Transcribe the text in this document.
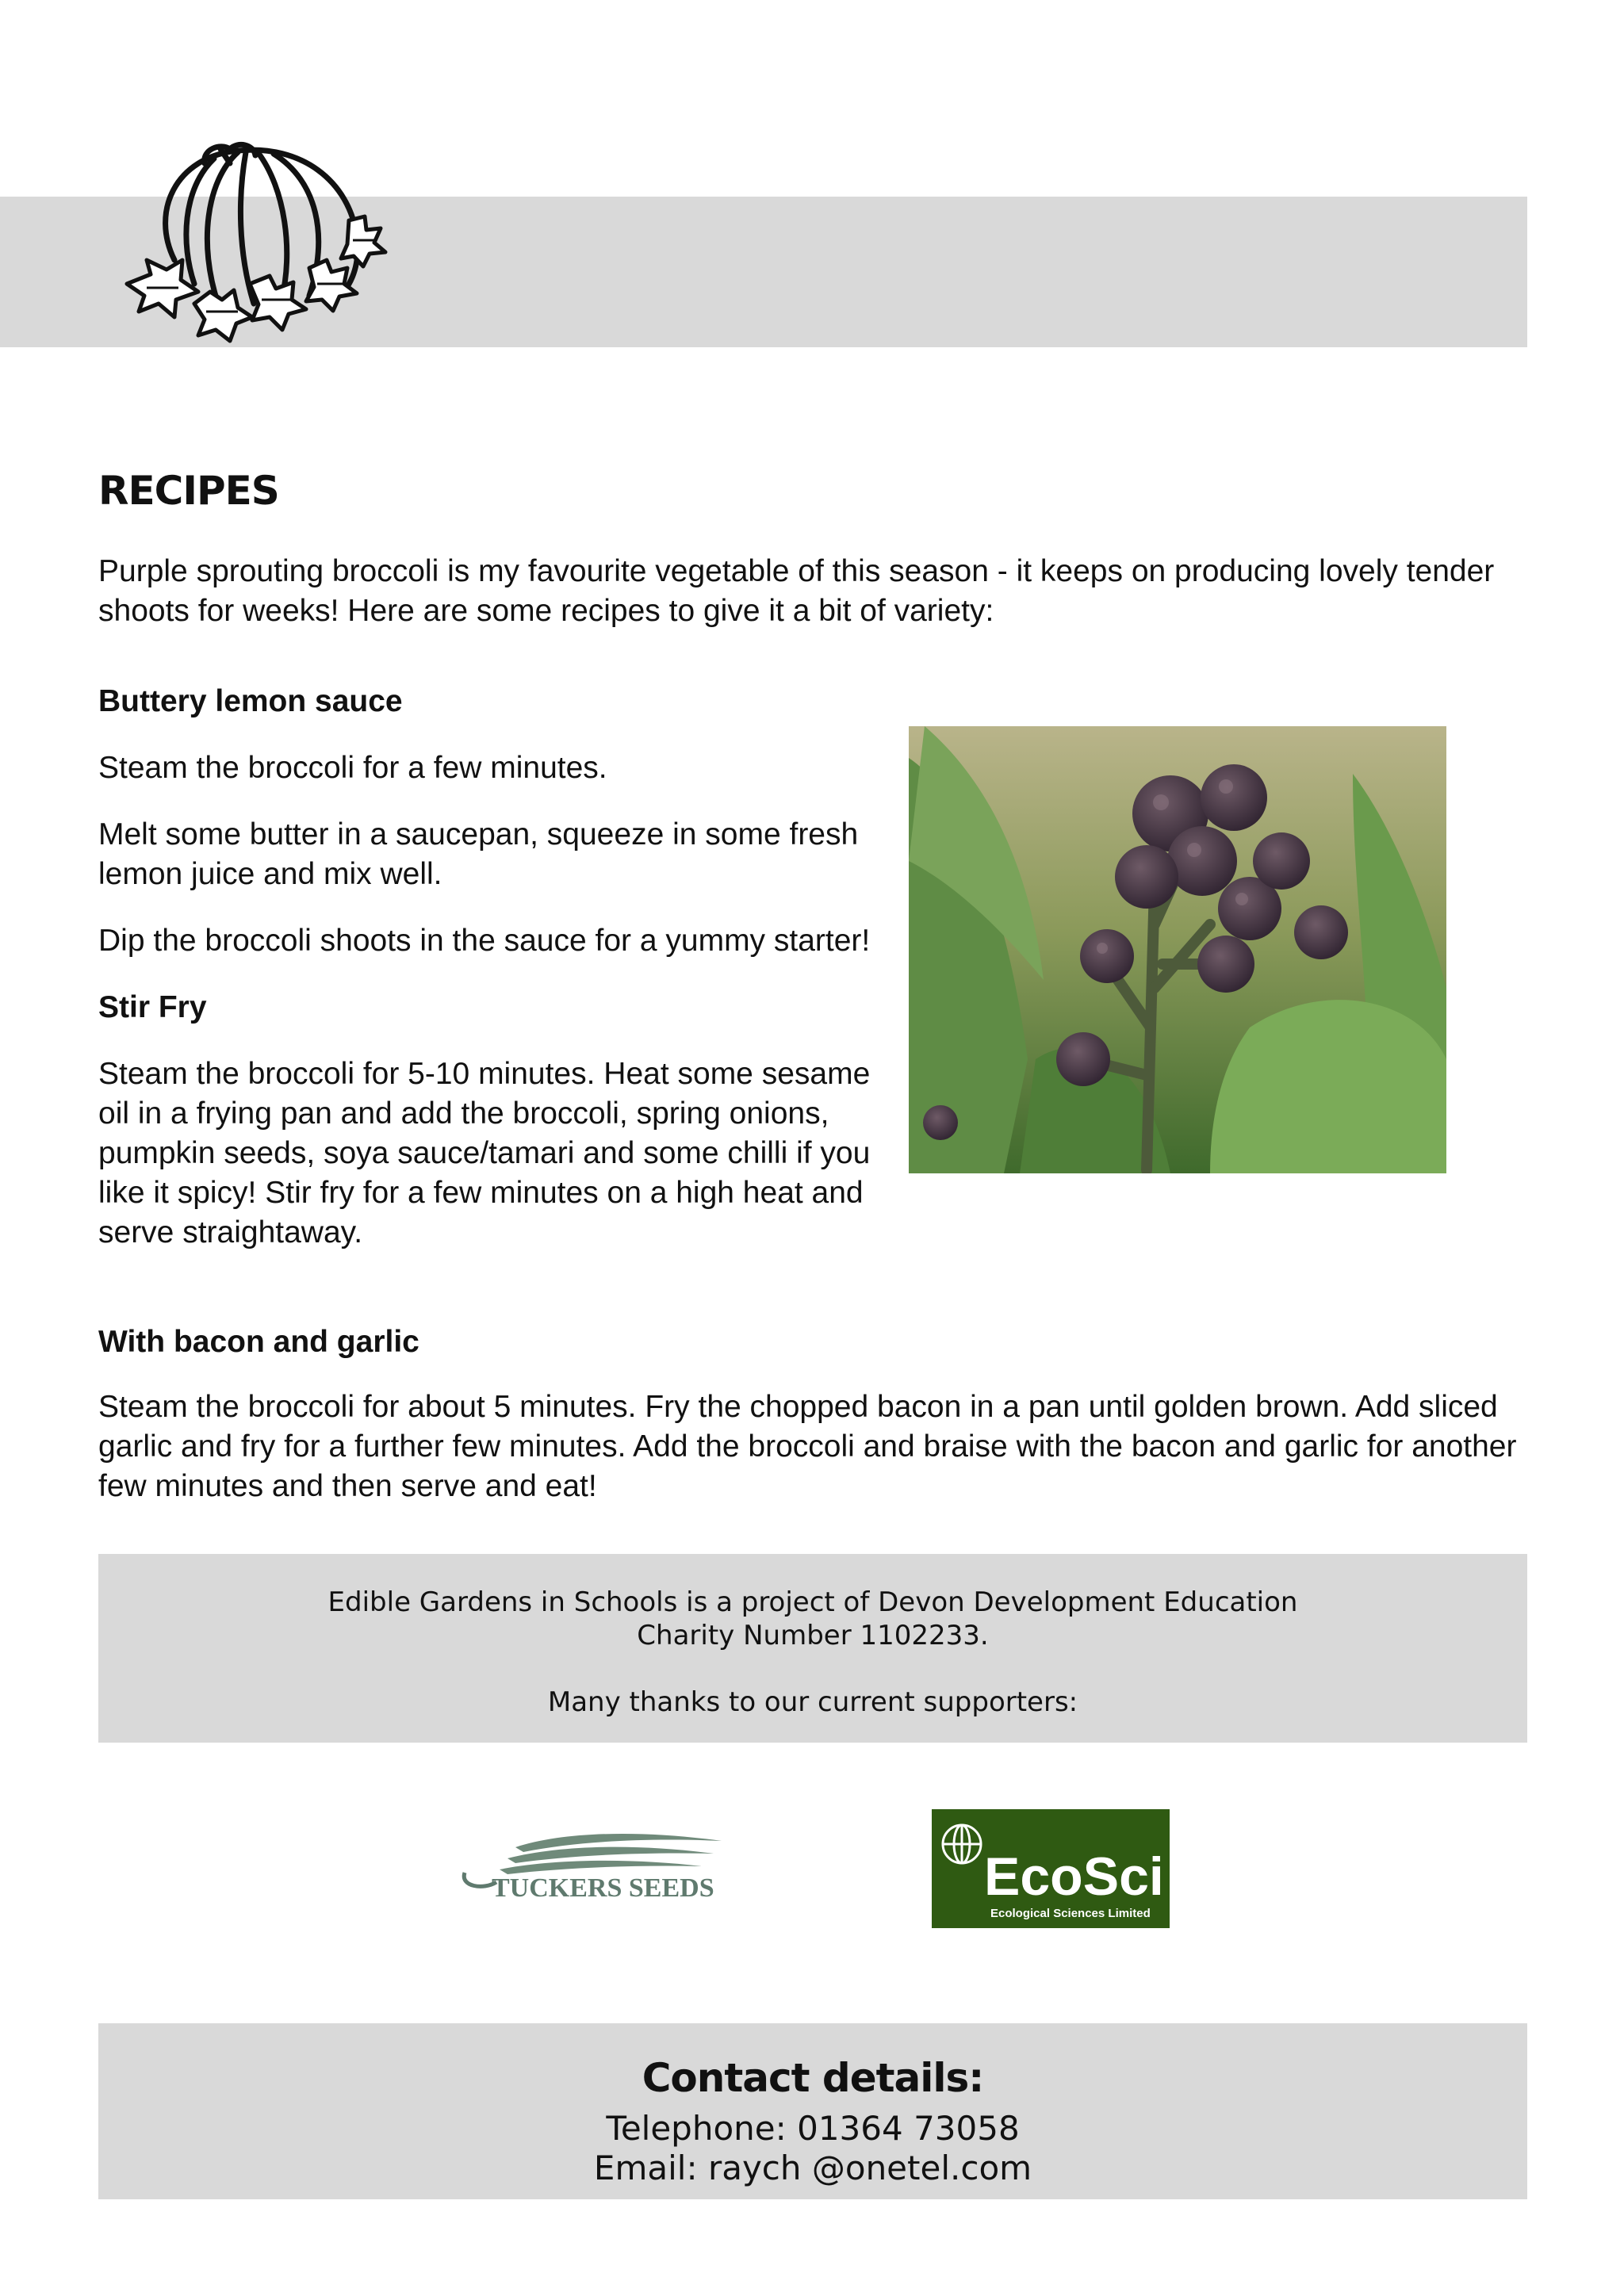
RECIPES

Purple sprouting broccoli is my favourite vegetable of this season - it keeps on producing lovely tender shoots for weeks! Here are some recipes to give it a bit of variety:

Buttery lemon sauce

Steam the broccoli for a few minutes.

Melt some butter in a saucepan, squeeze in some fresh lemon juice and mix well.

Dip the broccoli shoots in the sauce for a yummy starter!

Stir Fry

Steam the broccoli for 5-10 minutes. Heat some sesame oil in a frying pan and add the broccoli, spring onions, pumpkin seeds, soya sauce/tamari and some chilli if you like it spicy! Stir fry for a few minutes on a high heat and serve straightaway.

With bacon and garlic

Steam the broccoli for about 5 minutes. Fry the chopped bacon in a pan until golden brown. Add sliced garlic and fry for a further few minutes. Add the broccoli and braise with the bacon and garlic for another few minutes and then serve and eat!

Edible Gardens in Schools is a project of Devon Development Education
Charity Number 1102233.
Many thanks to our current supporters:
TUCKERS SEEDS	EcoSci
Ecological Sciences Limited
Contact details:
Telephone: 01364 73058
Email: raych @onetel.com
